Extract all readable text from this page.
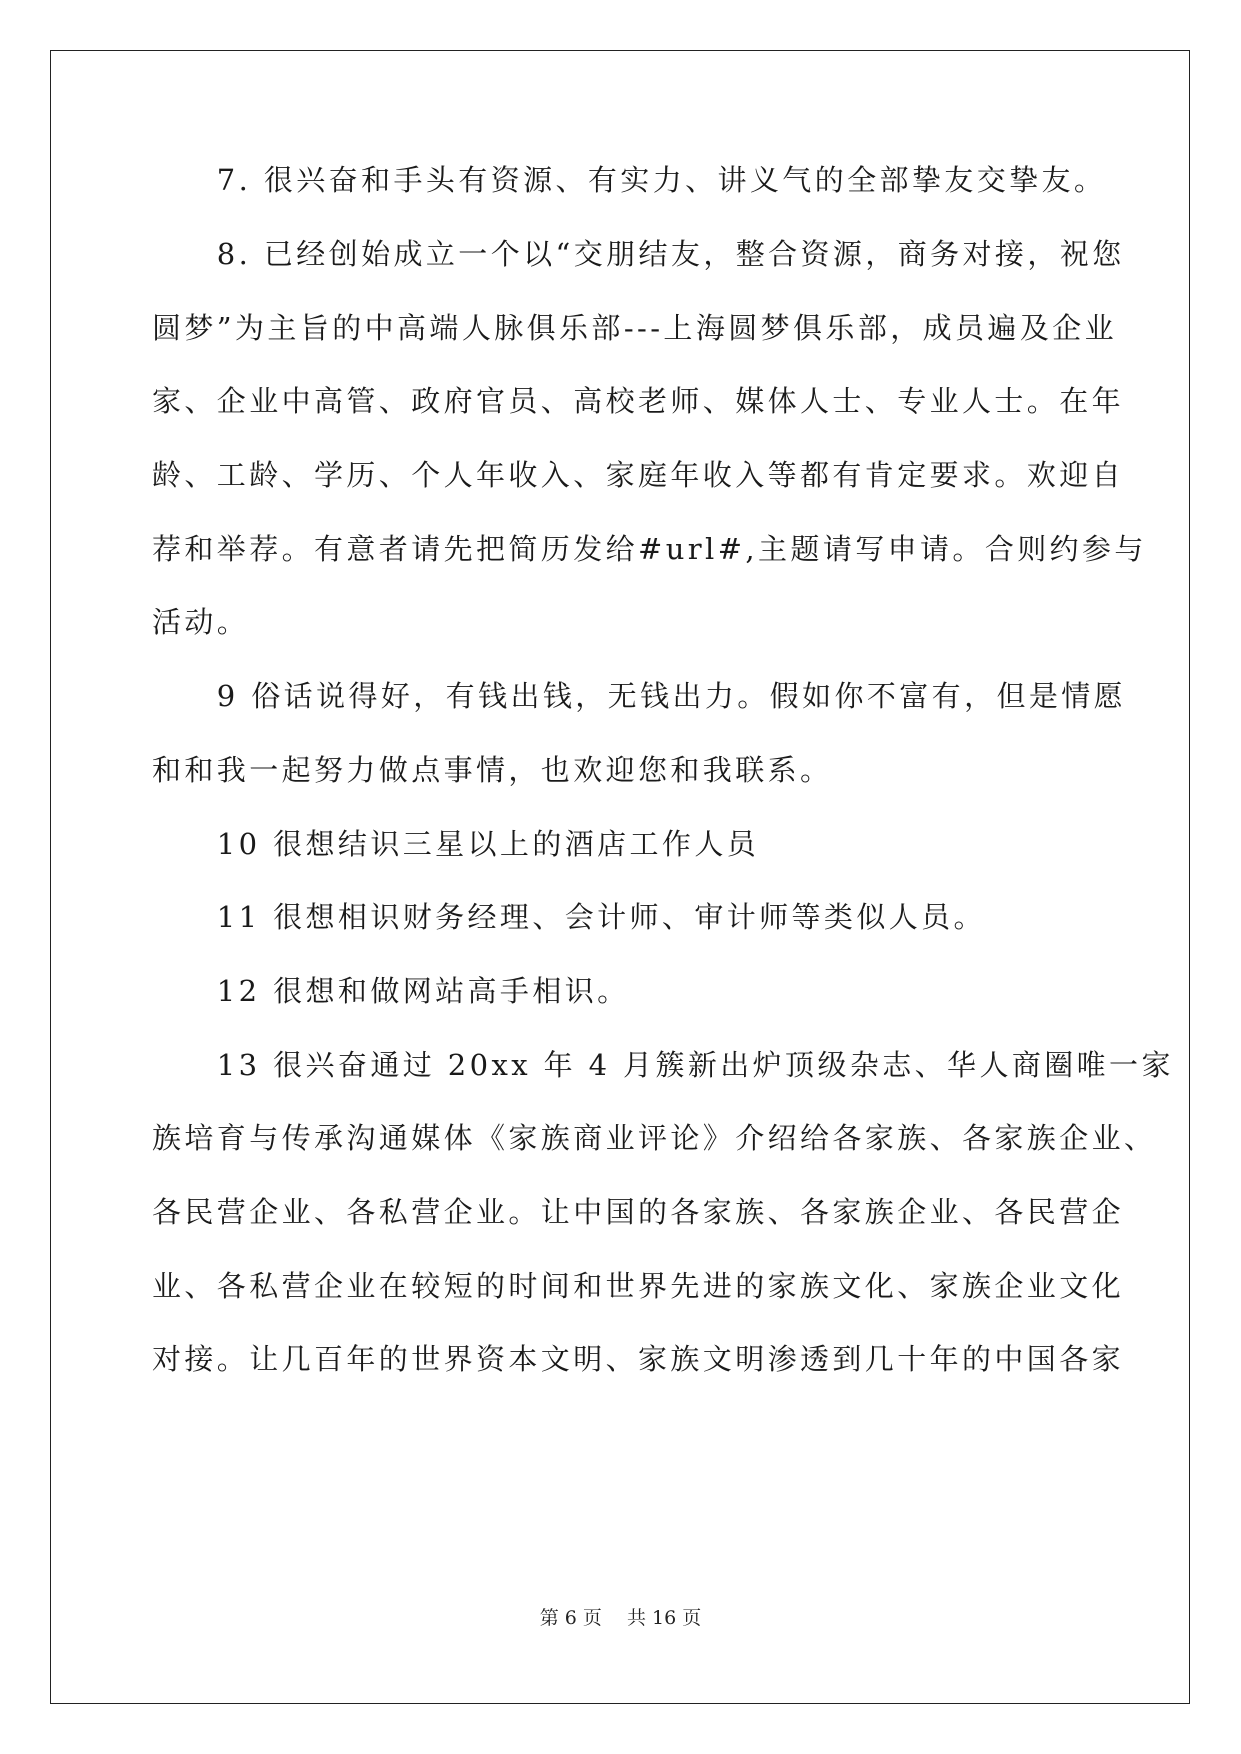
　　7. 很兴奋和手头有资源、有实力、讲义气的全部挚友交挚友。
　　8. 已经创始成立一个以“交朋结友，整合资源，商务对接，祝您
圆梦”为主旨的中高端人脉俱乐部---上海圆梦俱乐部，成员遍及企业
家、企业中高管、政府官员、高校老师、媒体人士、专业人士。在年
龄、工龄、学历、个人年收入、家庭年收入等都有肯定要求。欢迎自
荐和举荐。有意者请先把简历发给#url#,主题请写申请。合则约参与
活动。
　　9 俗话说得好，有钱出钱，无钱出力。假如你不富有，但是情愿
和和我一起努力做点事情，也欢迎您和我联系。
　　10 很想结识三星以上的酒店工作人员
　　11 很想相识财务经理、会计师、审计师等类似人员。
　　12 很想和做网站高手相识。
　　13 很兴奋通过 20xx 年 4 月簇新出炉顶级杂志、华人商圈唯一家
族培育与传承沟通媒体《家族商业评论》介绍给各家族、各家族企业、
各民营企业、各私营企业。让中国的各家族、各家族企业、各民营企
业、各私营企业在较短的时间和世界先进的家族文化、家族企业文化
对接。让几百年的世界资本文明、家族文明渗透到几十年的中国各家
第 6 页　 共 16 页
